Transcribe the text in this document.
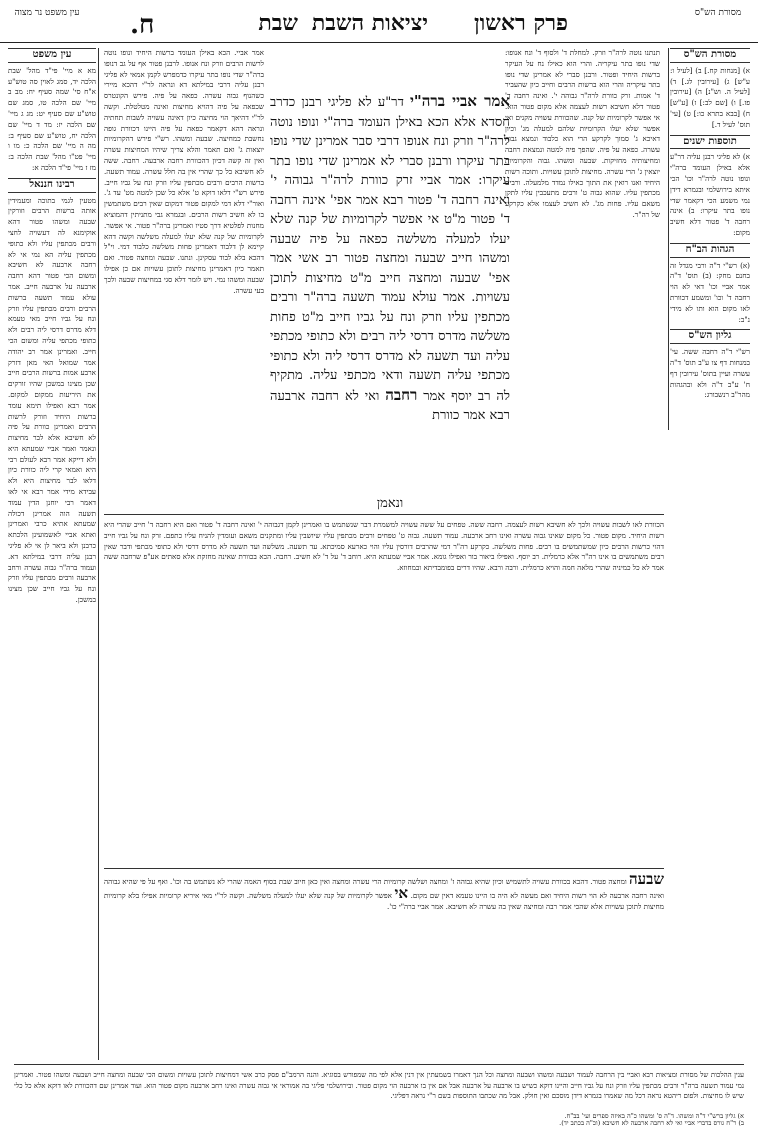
מסורת הש"ס
יציאות השבת פרק ראשון
שבת
ח.
עין משפט נר מצוה
מסורת הש"ס

א) [מנחות קח.] ב) [לעיל ו: ע"ש] ג) [עירובין לג.] ד) [לעיל ה. וש"נ] ה) [עירובין פז.] ו) [שם לב:] ז) [ע"ש] ח) [בבא בתרא כו:] ט) [עי' תוס' לעיל ד.]

תוספות ישנים

א) לא פליגי רבנן עליה דר"ע אלא באילן העומד ברה"י ונופו נוטה לרה"ר וכו' הכי איתא בירושלמי ובגמרא דידן נמי משמע הכי דקאמר שדי נופו בתר עיקרו: ב) אינה רחבה ד' פטור דלא חשיב מקום:

הגהות הב"ח

(א) רש"י ד"ה ורבי מגדל זה בחנם מחק: (ב) תוס' ד"ה אמר אביי וכו' דאי לא הוי רחבה ד' וכו' ומשמע דכוורת לאו מקום הוא ותו לא מידי נ"ב:

גליון הש"ס

רש"י ד"ה רחבה ששה. עי' במנחות דף צו ע"ב תוס' ד"ה עשרה ועיין בתוס' עירובין דף ח' ע"ב ד"ה ולא ובהגהות מהר"ב רנשבורג:

עין משפט

מא א מיי' פי"ד מהל' שבת הלכה יד, סמג לאוין סה טוש"ע א"ח סי' שמה סעיף יח: מב ב מיי' שם הלכה טו, סמג שם טוש"ע שם סעיף יט: מג ג מיי' שם הלכה יז: מד ד מיי' שם הלכה יח, טוש"ע שם סעיף ב: מה ה מיי' שם הלכה כ: מו ו מיי' פט"ו מהל' שבת הלכה ב: מז ז מיי' פי"ד הלכה א:

רבינו חננאל

מטעין לגמי בתוכה ומעמידין אותה ברשות הרבים וזורקין שבעה ומשהו פטור דהא אוקימנא לה דעשויה לחצי ורבים מכתפין עליו ולא כתופי מכתפין עליה הא נמי אי לא רחבה ארבעה לא חשיבא ומשום הכי פטור דהא רחבה ארבעה על ארבעה חייב. אמר עולא עמוד תשעה ברשות הרבים ורבים מכתפין עליו וזרק ונח על גביו חייב מאי טעמא דלא מדרס דרסי ליה רבים ולא כתופי מכתפי עליה ומשום הכי חייב. ואמרינן אמר רב יהודה אמר שמואל האי מאן דזרק ארבע אמות ברשות הרבים חייב שכן מצינו במשכן שהיו זורקים את היריעות ממקום למקום. אמר רבא ואפילו תימא עומד ברשות היחיד וזורק לרשות הרבים ואמרינן כוורת על פיה לא חשיבא אלא לבר מחיצות ונאמר ואמר אביי שמעתא היא ולא דייקא אמר רבא לעולם רבי היא ואמאי קרי ליה כוורת כיון דלאו לבר מחיצות היא ולא עבידא מידי אמר רבא אי לאו דאמר רבי יוחנן הדין עמוד תשעה הוה אמרינן דכולה שמעתא אתיא כרבי ואמרינן ואתא אביי לאשמועינן הלכתא כרבנן ולא ביאר לן אי לא פליגי רבנן עליה דרבי במילתא דא. ועמוד ברה"ר גבוה עשרה ורחב ארבעה ורבים מכתפין עליו וזרק ונח על גביו חייב שכן מצינו במשכן.

תנתנו נוטה לרה"ר וזרק. למחלת ד' ולסוף ד' ונח אנופו: שדי נופו בתר עיקריה. והרי הוא כאילו נח על העיקר ברשות היחיד ופטור. ורבנן סברי לא אמרינן שדי נופו בתר עיקריה והרי הוא ברשות הרבים וחייב כיון שהעביר ד' אמות. זרק כוורת לרה"ר גבוהה י'. ואינה רחבה ד' פטור דלא חשיבא רשות לעצמה אלא מקום פטור הוא. אי אפשר לקרומיות של קנה. שהכוורת עשויה מקנים ואי אפשר שלא יעלו הקרומיות שלהם למעלה מג' וכיון דאיכא ג' סמוך לקרקע הרי הוא כלבוד ונמצא גבוה עשרה. כפאה על פיה. שהפך פיה למטה ונמצאת רחבה ומחיצותיה מחזיקות. שבעה ומשהו. גבוה והקרומיות יוצאין ג' הרי עשרה. מחיצות לתוכן עשויות. ותוכה רשות היחיד ואנו רואין את התוך כאילו נמדד מלמעלה. ורבים מכתפין עליו. שהוא גבוה ט' ורבים מתעכבין עליו לתקן משאם עליו. פחות מג'. לא חשיב לעצמו אלא כקרקע של רה"ר.

אמר אביי. הכא באילן העומד ברשות היחיד ונופו נוטה לרשות הרבים וזרק ונח אנופו. לרבנן פטור אף על גב דנופו ברה"ר שדי נופו בתר עיקרו כדמפרש לקמן אמאי לא פליגי רבנן עליה דרבי במילתא דא ונראה לר"י דהכא מיירי כשהנוף גבוה עשרה. כפאה על פיה. פירש הקונטרס שכפאה על פיה דהויא מחיצות ואינה מטלטלת. וקשה לר"י דהיאך הוי מחיצה כיון דאינה עשויה לשבות תחתיה ונראה דהא דקאמר כפאה על פיה היינו דכוורת גופה נחשבת כמחיצה. שבעה ומשהו. רש"י פירש דהקרומיות יוצאות ג' ואם תאמר והלא צריך שיהיו המחיצות עשרה ואין זה קשה דכיון דהכוורת רחבה ארבעה. רחבה. ששה לא חשיבא כל כך שהרי אין בה חלל עשרה. עמוד תשעה. ברשות הרבים ורבים מכתפין עליו וזרק ונח על גביו חייב. פירש רש"י דלאו דוקא ט' אלא כל שכן למטה מט' עד ג'. ואור"י דלא דמי למקום פטור דמקום שאין רבים משתמשין בו לא חשיב רשות הרבים. ובגמרא גבי מתניתין דהמוציא מחנות לפלטיא דרך סטיו ואמרינן ברה"ר פטור. אי אפשר. לקרומיות של קנה שלא יעלו למעלה משלשה וקשה דהא קיימא לן דלבוד דאמרינן פחות משלשה כלבוד דמי. וי"ל דהכא בלא לבוד עסקינן. ונתנו. שבעה ומחצה פטור. ואם תאמר כיון דאמרינן מחיצות לתוכן עשויות אם כן אפילו שבעה ומשהו נמי. ויש לומר דלא סגי במחיצות שבעה ולכך בעי עשרה.

אמר אביי ברה"י דר"ע לא פליגי רבנן כדרב חסדא אלא הכא באילן העומד ברה"י ונופו נוטה לרה"ר וזרק ונח אנופו דרבי סבר אמרינן שדי נופו בתר עיקרו ורבנן סברי לא אמרינן שדי נופו בתר עיקרו: אמר אביי זרק כוורת לרה"ר גבוהה י' ואינה רחבה ד' פטור רבא אמר אפי' אינה רחבה ד' פטור מ"ט אי אפשר לקרומיות של קנה שלא יעלו למעלה משלשה כפאה על פיה שבעה ומשהו חייב שבעה ומחצה פטור רב אשי אמר אפי' שבעה ומחצה חייב מ"ט מחיצות לתוכן עשויות. אמר עולא עמוד תשעה ברה"ר ורבים מכתפין עליו וזרק ונח על גביו חייב מ"ט פחות משלשה מדרס דרסי ליה רבים ולא כתופי מכתפי עליה ועד תשעה לא מדרס דרסי ליה ולא כתופי מכתפי עליה תשעה ודאי מכתפי עליה. מתקיף לה רב יוסף אמר רחבה ואי לא רחבה ארבעה רבא אמר כוורת

ונאמן

הכוורת לאו לשבות עשויה ולכך לא חשיבא רשות לעצמה. רחבה ששה. טפחים על ששה עשויה למשמרת דבר שנשתמש בו ואמרינן לקמן דגבוהה י' ואינה רחבה ד' פטור ואם היא רחבה ד' חייב שהרי היא רשות היחיד. מקום פטור. כל מקום שאינו גבוה עשרה ואינו רחב ארבעה. עמוד תשעה. גבוה ט' טפחים ורבים מכתפין עליו שיושבין עליו ומתקנים משאם ועומדין להניח עליו כתפם. זרק ונח על גביו חייב דהוי כרשות הרבים כיון שמשתמשים בו רבים. פחות משלשה. כקרקע רה"ר דמי שהרבים דורסין עליו והוי כארעא סמיכתא. עד תשעה. משלשה ועד תשעה לא מדרס דרסי ולא כתופי מכתפי ודבר שאין רבים משתמשים בו אינו רה"ר אלא כרמלית. רב יוסף. ואפילו ביאור בור ואפילו גומא. אמר אביי שמעתא היא. רוחב ד' על ד' לא חשיב. רחבה. הכא בכוורת שאינה מחזקת אלא סאתים אע"פ שרחבה ששה אמר לא כל כמיניה שהרי מלאה חמה והויא כרמלית. ורבה ורבא. שהיו דרים בפומבדיתא ובמחוזא.

שבעה ומחצה פטור. דהכא בכוורת עשויה לתשמיש וכיון שהיא גבוהה ז' ומחצה ושלשה קרומיות הרי עשרה ומחצה ואין כאן חיוב שבת בסוף האמה שהרי לא נשתמש בה וכו'. ואף על פי שהיא גבוהה ואינה רחבה ארבעה לא הוי רשות היחיד ואם מעשה לא היה בו היינו טעמא דאין שם מקום. אי אפשר לקרומיות של קנה שלא יעלו למעלה משלשה. וקשה לר"י מאי איריא קרומיות אפילו בלא קרומיות מחיצות לתוכן עשויות אלא שהכי אמר רבה ומחיצה שאין בה עשרה לא חשיבא. אמר אביי ברה"י כו'.

ענין ההלכות של מסורת ומציאות רבא ואביי בין הרחבה לעמוד ושבעה ומשהו ושבעה ומחצה וכל הנך דאמרו בשמעתין אין דנין אלא לפי מה שמפורש בסוגיא. והנה הרמב"ם פסק כרב אשי דמחיצות לתוכן עשויות ומשום הכי שבעה ומחצה חייב ושבעה ומשהו פטור. ואמרינן נמי עמוד תשעה ברה"ר ורבים מכתפין עליו וזרק ונח על גביו חייב והיינו דוקא כשיש בו ארבעה על ארבעה אבל אם אין בו ארבעה הוי מקום פטור. ובירושלמי פליגי בה אמוראי אי גבוה עשרה ואינו רחב ארבעה מקום פטור הוא. ועוד אמרינן שם דהכוורת לאו דוקא אלא כל כלי שיש לו מחיצות. ולפום ריהטא נראה דכל מה שאמרו בגמרא דידן מוסכם ואין חולק. אבל מה שכתבו התוספות בשם ר"י נראה דפליגי.

א) גליון ברש"י ד"ה ומשהו. ד"ה ס' ומשהו כ"ה באיזה ספרים ועי' בב"ח.
ב) ר"ח גורס בדברי אביי ואי לא רחבה ארבעה לא חשיבא (וכ"ה בכתב יד).
